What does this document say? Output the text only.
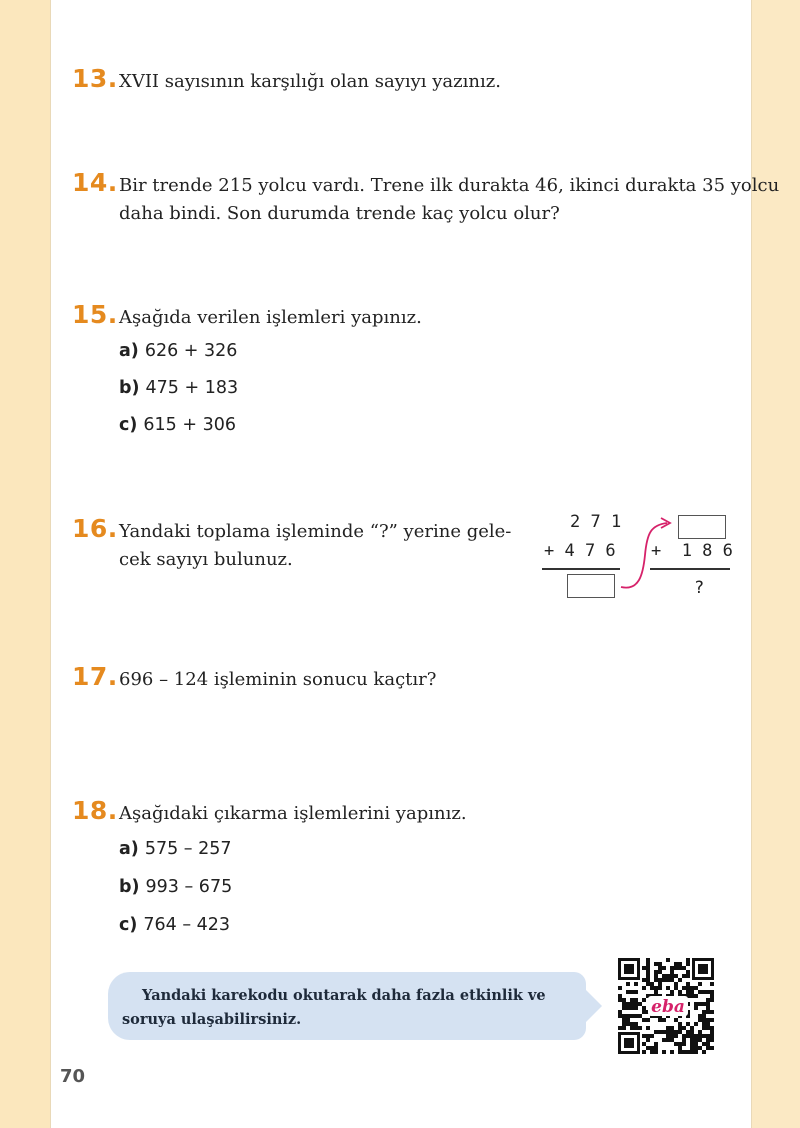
13. XVII sayısının karşılığı olan sayıyı yazınız.
14. Bir trende 215 yolcu vardı. Trene ilk durakta 46, ikinci durakta 35 yolcu
daha bindi. Son durumda trende kaç yolcu olur?
15. Aşağıda verilen işlemleri yapınız.
a) 626 + 326
b) 475 + 183
c) 615 + 306
16. Yandaki toplama işleminde “?” yerine gele-
cek sayıyı bulunuz.
2 7 1
+ 4 7 6 +  1 8 6
?
17. 696 – 124 işleminin sonucu kaçtır?
18. Aşağıdaki çıkarma işlemlerini yapınız.
a) 575 – 257
b) 993 – 675
c) 764 – 423
Yandaki karekodu okutarak daha fazla etkinlik ve
soruya ulaşabilirsiniz.
eba
70
